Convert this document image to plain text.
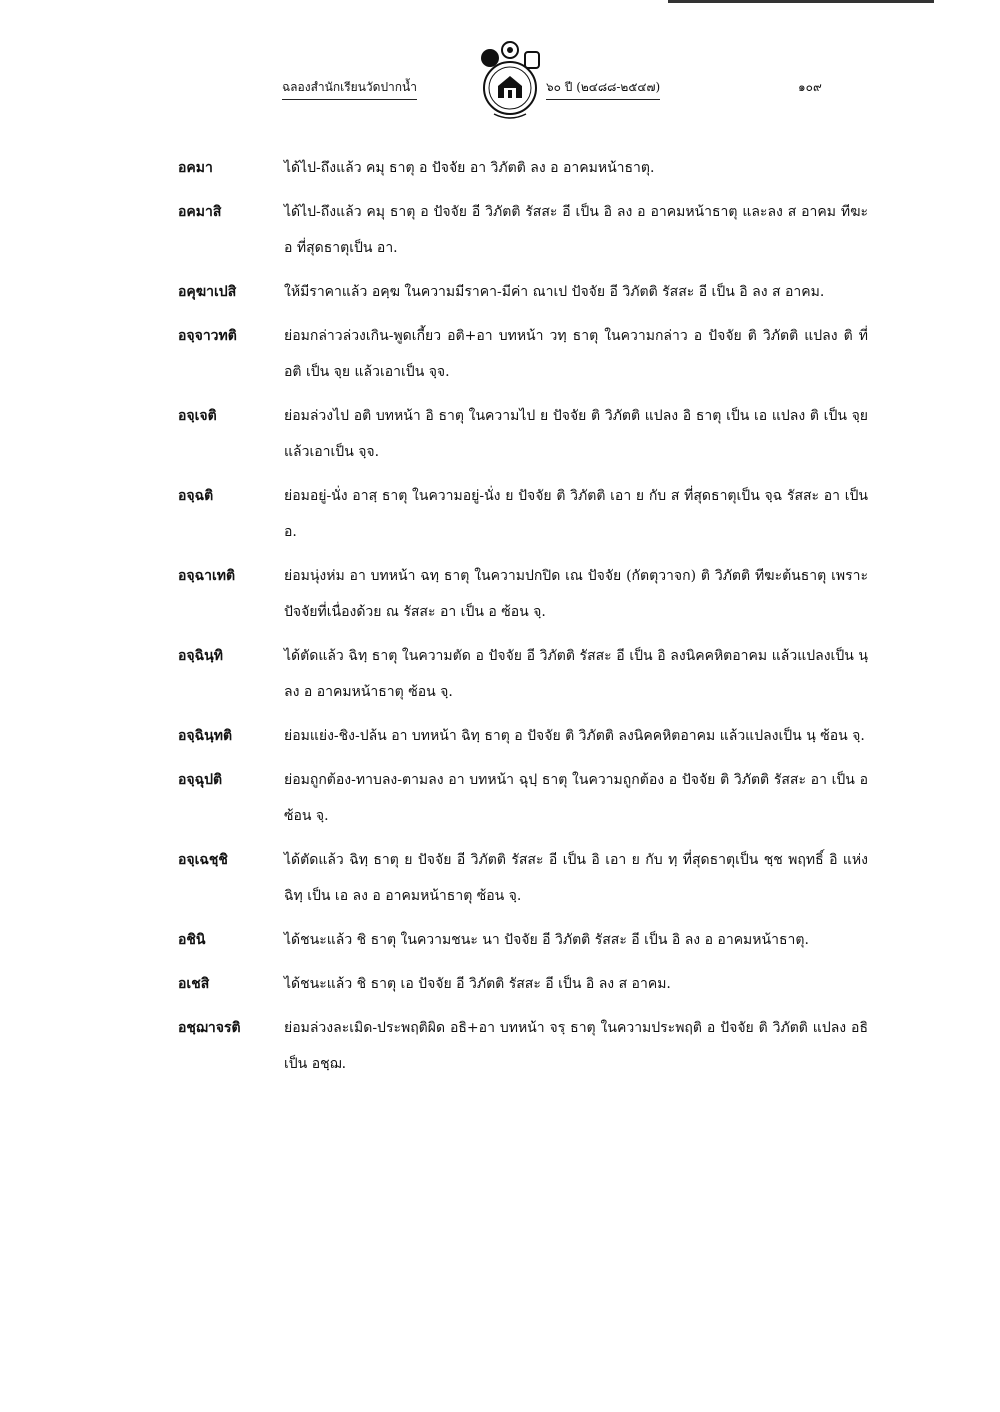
ฉลองสำนักเรียนวัดปากน้ำ	๖๐ ปี (๒๔๘๘-๒๕๔๗)	๑๐๙
อคมา	ได้ไป-ถึงแล้ว คมุ ธาตุ อ ปัจจัย อา วิภัตติ ลง อ อาคมหน้าธาตุ.
อคมาสิ	ได้ไป-ถึงแล้ว คมุ ธาตุ อ ปัจจัย อี วิภัตติ รัสสะ อี เป็น อิ ลง อ อาคมหน้าธาตุ และลง ส อาคม ทีฆะ อ ที่สุดธาตุเป็น อา.
อคุฆาเปสิ	ให้มีราคาแล้ว อคฺฆ ในความมีราคา-มีค่า ณาเป ปัจจัย อี วิภัตติ รัสสะ อี เป็น อิ ลง ส อาคม.
อจฺจาวทติ	ย่อมกล่าวล่วงเกิน-พูดเกี้ยว อติ+อา บทหน้า วทฺ ธาตุ ในความกล่าว อ ปัจจัย ติ วิภัตติ แปลง ติ ที่ อติ เป็น จฺย แล้วเอาเป็น จฺจ.
อจฺเจติ	ย่อมล่วงไป อติ บทหน้า อิ ธาตุ ในความไป ย ปัจจัย ติ วิภัตติ แปลง อิ ธาตุ เป็น เอ แปลง ติ เป็น จฺย แล้วเอาเป็น จฺจ.
อจฺฉติ	ย่อมอยู่-นั่ง อาสฺ ธาตุ ในความอยู่-นั่ง ย ปัจจัย ติ วิภัตติ เอา ย กับ ส ที่สุดธาตุเป็น จฺฉ รัสสะ อา เป็น อ.
อจฺฉาเทติ	ย่อมนุ่งห่ม อา บทหน้า ฉทฺ ธาตุ ในความปกปิด เณ ปัจจัย (กัตตุวาจก) ติ วิภัตติ ทีฆะต้นธาตุ เพราะปัจจัยที่เนื่องด้วย ณ รัสสะ อา เป็น อ ซ้อน จฺ.
อจฺฉินฺทิ	ได้ตัดแล้ว ฉิทฺ ธาตุ ในความตัด อ ปัจจัย อี วิภัตติ รัสสะ อี เป็น อิ ลงนิคคหิตอาคม แล้วแปลงเป็น นฺ ลง อ อาคมหน้าธาตุ ซ้อน จฺ.
อจฺฉินฺทติ	ย่อมแย่ง-ชิง-ปล้น อา บทหน้า ฉิทฺ ธาตุ อ ปัจจัย ติ วิภัตติ ลงนิคคหิตอาคม แล้วแปลงเป็น นฺ ซ้อน จฺ.
อจฺฉุปติ	ย่อมถูกต้อง-ทาบลง-ตามลง อา บทหน้า ฉุปฺ ธาตุ ในความถูกต้อง อ ปัจจัย ติ วิภัตติ รัสสะ อา เป็น อ ซ้อน จฺ.
อจฺเฉชฺชิ	ได้ตัดแล้ว ฉิทฺ ธาตุ ย ปัจจัย อี วิภัตติ รัสสะ อี เป็น อิ เอา ย กับ ทฺ ที่สุดธาตุเป็น ชฺช พฤทธิ์ อิ แห่ง ฉิทฺ เป็น เอ ลง อ อาคมหน้าธาตุ ซ้อน จฺ.
อชินิ	ได้ชนะแล้ว ชิ ธาตุ ในความชนะ นา ปัจจัย อี วิภัตติ รัสสะ อี เป็น อิ ลง อ อาคมหน้าธาตุ.
อเชสิ	ได้ชนะแล้ว ชิ ธาตุ เอ ปัจจัย อี วิภัตติ รัสสะ อี เป็น อิ ลง ส อาคม.
อชฺฌาจรติ	ย่อมล่วงละเมิด-ประพฤติผิด อธิ+อา บทหน้า จรฺ ธาตุ ในความประพฤติ อ ปัจจัย ติ วิภัตติ แปลง อธิ เป็น อชฺฌ.
